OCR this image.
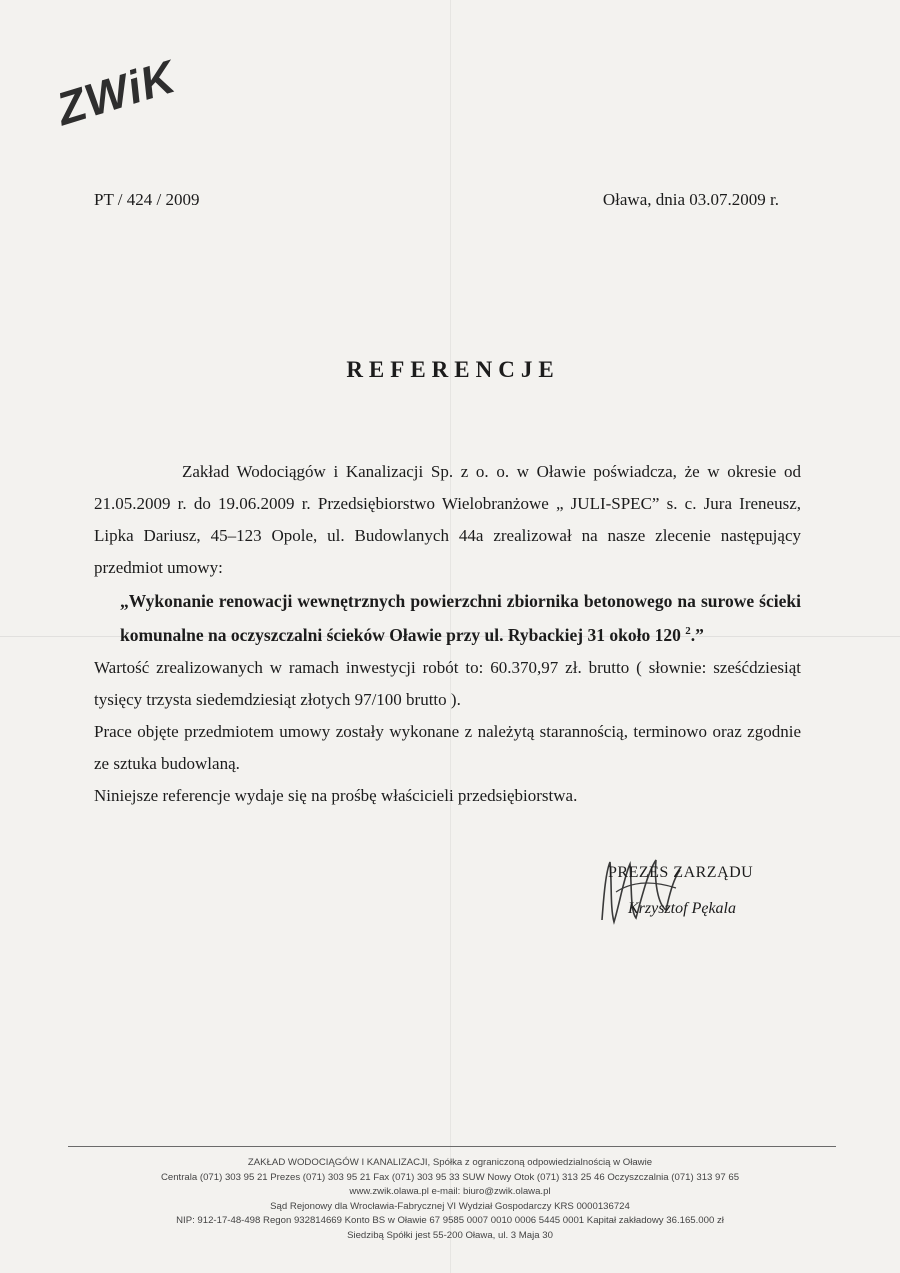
ZWiK
PT / 424 / 2009	Oława, dnia 03.07.2009 r.
REFERENCJE

Zakład Wodociągów i Kanalizacji Sp. z o. o. w Oławie poświadcza, że w okresie od 21.05.2009 r. do 19.06.2009 r. Przedsiębiorstwo Wielobranżowe „ JULI-SPEC” s. c. Jura Ireneusz, Lipka Dariusz, 45–123 Opole, ul. Budowlanych 44a zrealizował na nasze zlecenie następujący przedmiot umowy:

„Wykonanie renowacji wewnętrznych powierzchni zbiornika betonowego na surowe ścieki komunalne na oczyszczalni ścieków Oławie przy ul. Rybackiej 31 około 120 $^2$.”

Wartość zrealizowanych w ramach inwestycji robót to: 60.370,97 zł. brutto ( słownie: sześćdziesiąt tysięcy trzysta siedemdziesiąt złotych 97/100 brutto ).

Prace objęte przedmiotem umowy zostały wykonane z należytą starannością, terminowo oraz zgodnie ze sztuka budowlaną.

Niniejsze referencje wydaje się na prośbę właścicieli przedsiębiorstwa.

PREZES ZARZĄDU
Krzysztof Pękala
ZAKŁAD WODOCIĄGÓW I KANALIZACJI, Spółka z ograniczoną odpowiedzialnością w Oławie
Centrala (071) 303 95 21 Prezes (071) 303 95 21 Fax (071) 303 95 33 SUW Nowy Otok (071) 313 25 46 Oczyszczalnia (071) 313 97 65
www.zwik.olawa.pl e-mail: biuro@zwik.olawa.pl
Sąd Rejonowy dla Wrocławia-Fabrycznej VI Wydział Gospodarczy KRS 0000136724
NIP: 912-17-48-498 Regon 932814669 Konto BS w Oławie 67 9585 0007 0010 0006 5445 0001 Kapitał zakładowy 36.165.000 zł
Siedzibą Spółki jest 55-200 Oława, ul. 3 Maja 30
